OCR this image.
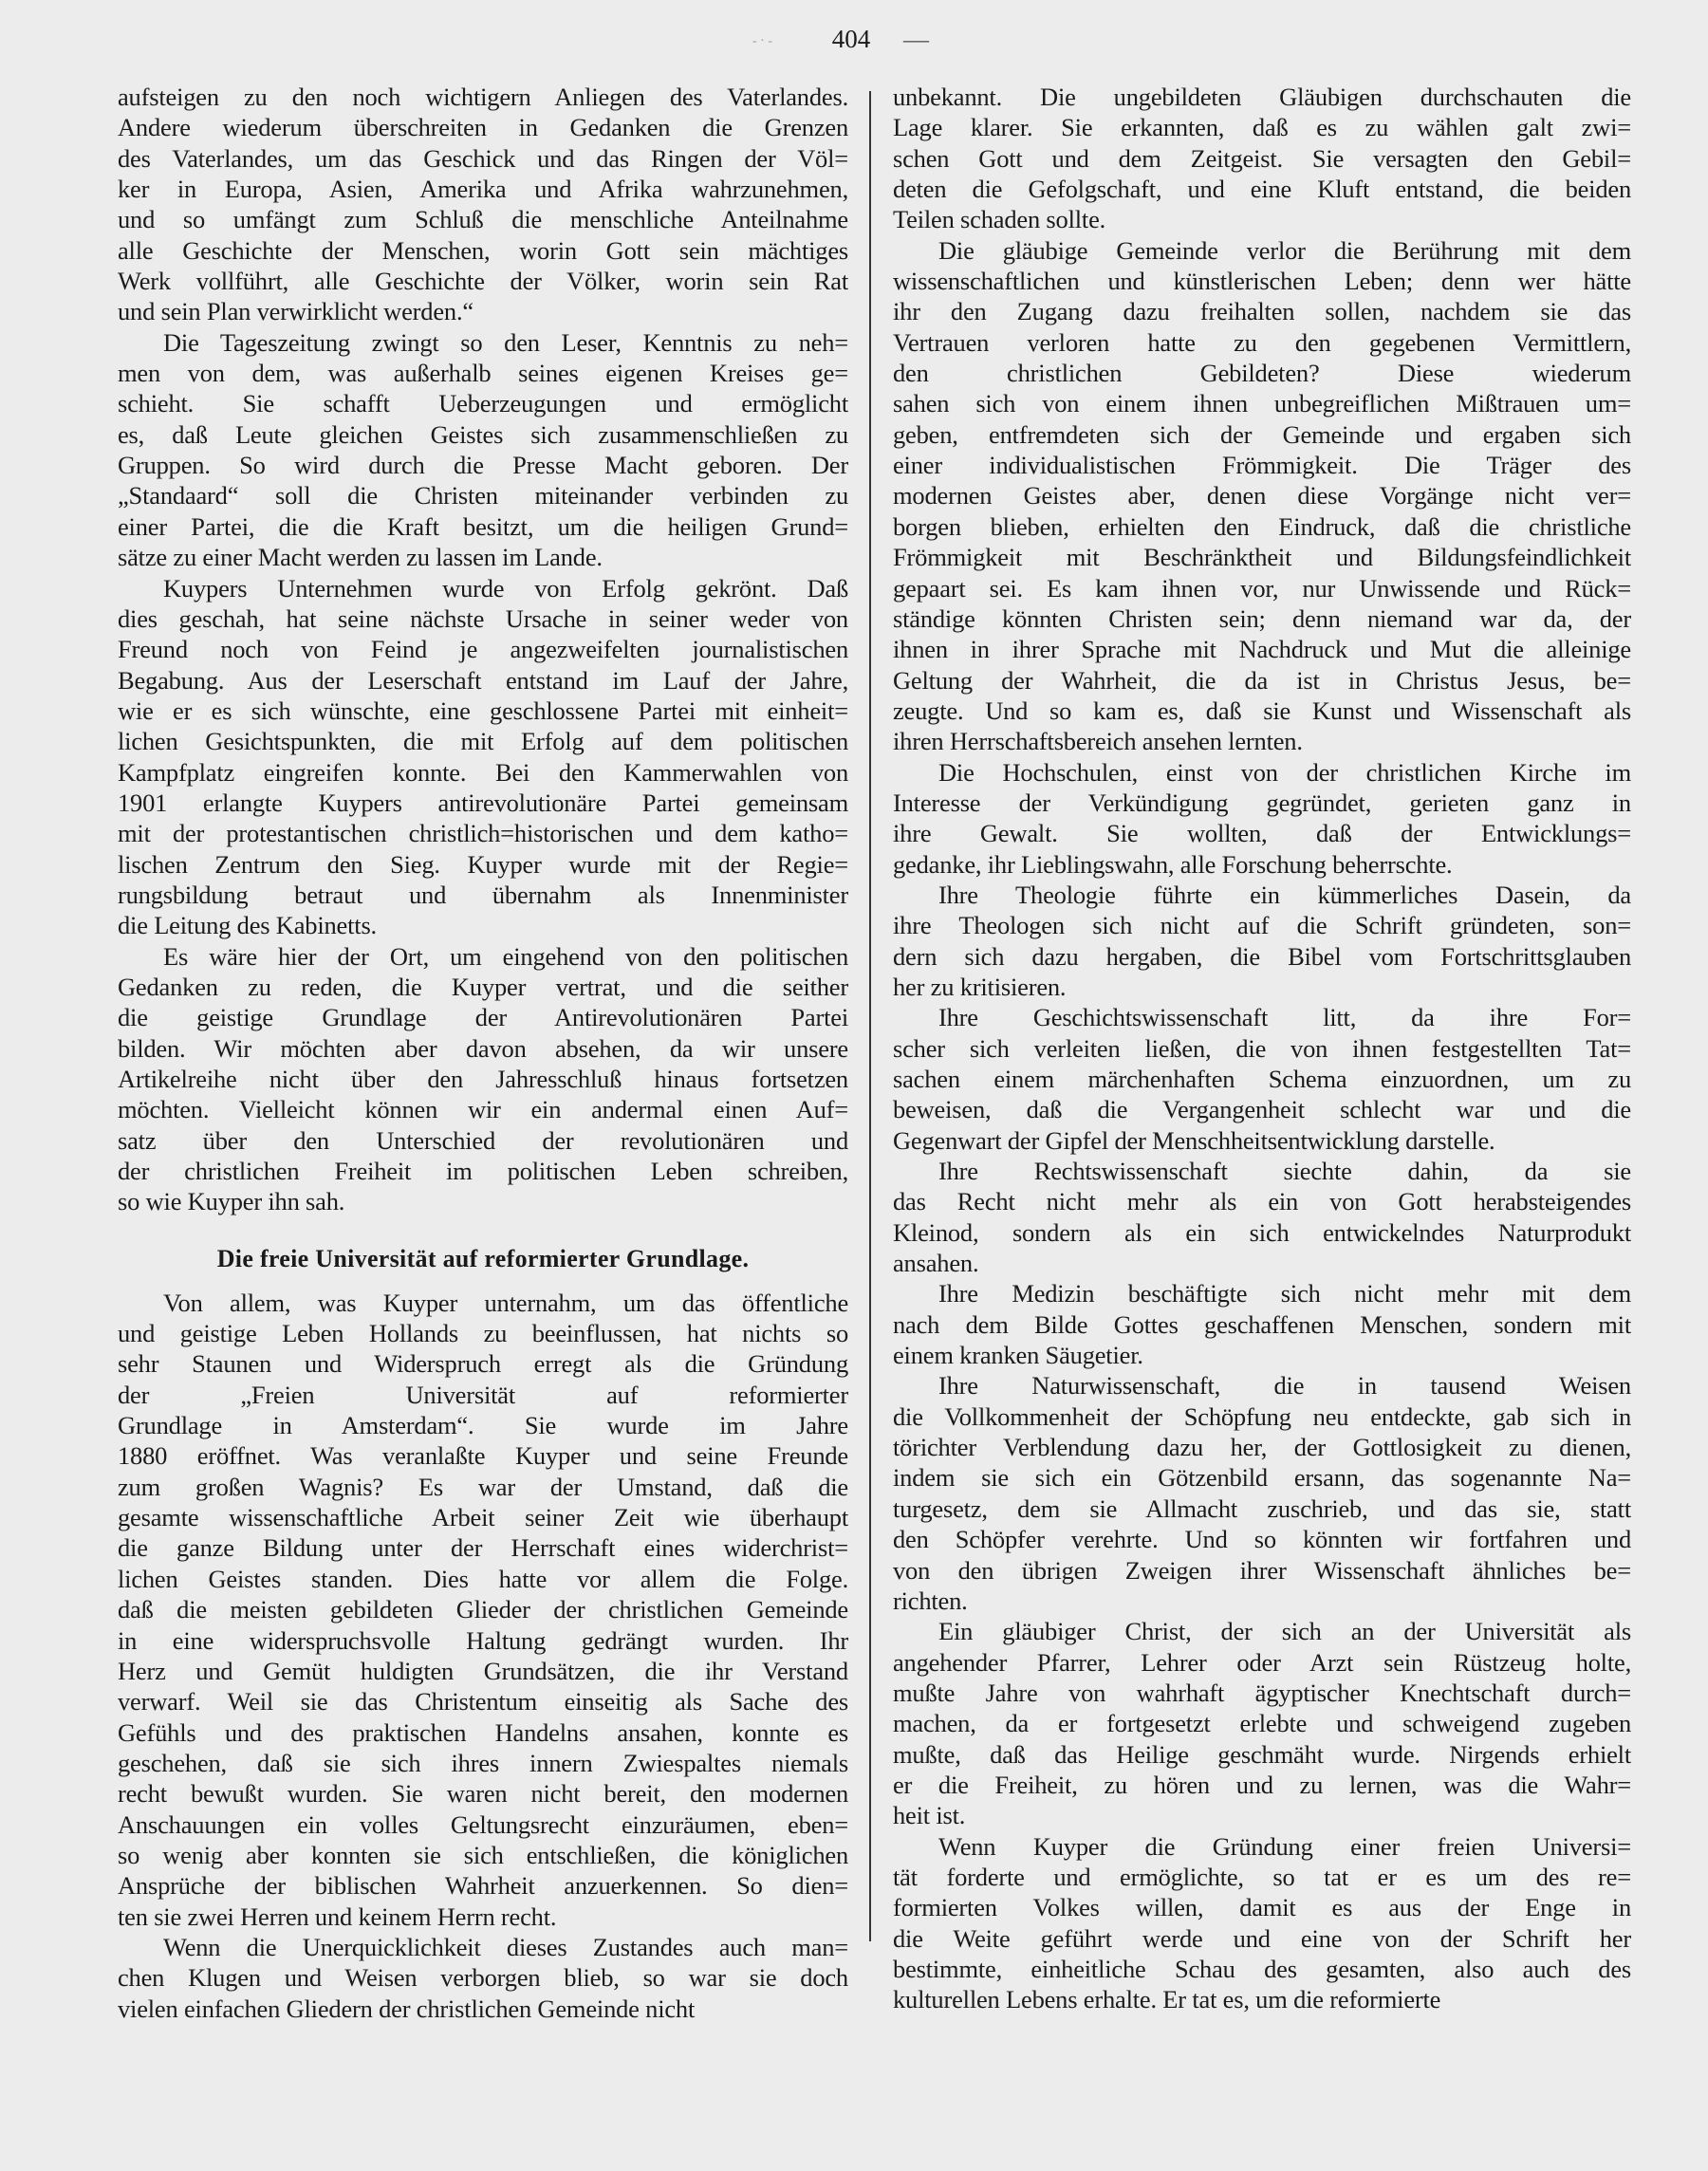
- · - 404 —
aufsteigen zu den noch wichtigern Anliegen des Vaterlandes.
Andere wiederum überschreiten in Gedanken die Grenzen
des Vaterlandes, um das Geschick und das Ringen der Völ=
ker in Europa, Asien, Amerika und Afrika wahrzunehmen,
und so umfängt zum Schluß die menschliche Anteilnahme
alle Geschichte der Menschen, worin Gott sein mächtiges
Werk vollführt, alle Geschichte der Völker, worin sein Rat
und sein Plan verwirklicht werden.“
Die Tageszeitung zwingt so den Leser, Kenntnis zu neh=
men von dem, was außerhalb seines eigenen Kreises ge=
schieht. Sie schafft Ueberzeugungen und ermöglicht
es, daß Leute gleichen Geistes sich zusammenschließen zu
Gruppen. So wird durch die Presse Macht geboren. Der
„Standaard“ soll die Christen miteinander verbinden zu
einer Partei, die die Kraft besitzt, um die heiligen Grund=
sätze zu einer Macht werden zu lassen im Lande.
Kuypers Unternehmen wurde von Erfolg gekrönt. Daß
dies geschah, hat seine nächste Ursache in seiner weder von
Freund noch von Feind je angezweifelten journalistischen
Begabung. Aus der Leserschaft entstand im Lauf der Jahre,
wie er es sich wünschte, eine geschlossene Partei mit einheit=
lichen Gesichtspunkten, die mit Erfolg auf dem politischen
Kampfplatz eingreifen konnte. Bei den Kammerwahlen von
1901 erlangte Kuypers antirevolutionäre Partei gemeinsam
mit der protestantischen christlich=historischen und dem katho=
lischen Zentrum den Sieg. Kuyper wurde mit der Regie=
rungsbildung betraut und übernahm als Innenminister
die Leitung des Kabinetts.
Es wäre hier der Ort, um eingehend von den politischen
Gedanken zu reden, die Kuyper vertrat, und die seither
die geistige Grundlage der Antirevolutionären Partei
bilden. Wir möchten aber davon absehen, da wir unsere
Artikelreihe nicht über den Jahresschluß hinaus fortsetzen
möchten. Vielleicht können wir ein andermal einen Auf=
satz über den Unterschied der revolutionären und
der christlichen Freiheit im politischen Leben schreiben,
so wie Kuyper ihn sah.
Die freie Universität auf reformierter Grundlage.
Von allem, was Kuyper unternahm, um das öffentliche
und geistige Leben Hollands zu beeinflussen, hat nichts so
sehr Staunen und Widerspruch erregt als die Gründung
der „Freien Universität auf reformierter
Grundlage in Amsterdam“. Sie wurde im Jahre
1880 eröffnet. Was veranlaßte Kuyper und seine Freunde
zum großen Wagnis? Es war der Umstand, daß die
gesamte wissenschaftliche Arbeit seiner Zeit wie überhaupt
die ganze Bildung unter der Herrschaft eines widerchrist=
lichen Geistes standen. Dies hatte vor allem die Folge.
daß die meisten gebildeten Glieder der christlichen Gemeinde
in eine widerspruchsvolle Haltung gedrängt wurden. Ihr
Herz und Gemüt huldigten Grundsätzen, die ihr Verstand
verwarf. Weil sie das Christentum einseitig als Sache des
Gefühls und des praktischen Handelns ansahen, konnte es
geschehen, daß sie sich ihres innern Zwiespaltes niemals
recht bewußt wurden. Sie waren nicht bereit, den modernen
Anschauungen ein volles Geltungsrecht einzuräumen, eben=
so wenig aber konnten sie sich entschließen, die königlichen
Ansprüche der biblischen Wahrheit anzuerkennen. So dien=
ten sie zwei Herren und keinem Herrn recht.
Wenn die Unerquicklichkeit dieses Zustandes auch man=
chen Klugen und Weisen verborgen blieb, so war sie doch
vielen einfachen Gliedern der christlichen Gemeinde nicht
unbekannt. Die ungebildeten Gläubigen durchschauten die
Lage klarer. Sie erkannten, daß es zu wählen galt zwi=
schen Gott und dem Zeitgeist. Sie versagten den Gebil=
deten die Gefolgschaft, und eine Kluft entstand, die beiden
Teilen schaden sollte.
Die gläubige Gemeinde verlor die Berührung mit dem
wissenschaftlichen und künstlerischen Leben; denn wer hätte
ihr den Zugang dazu freihalten sollen, nachdem sie das
Vertrauen verloren hatte zu den gegebenen Vermittlern,
den christlichen Gebildeten? Diese wiederum
sahen sich von einem ihnen unbegreiflichen Mißtrauen um=
geben, entfremdeten sich der Gemeinde und ergaben sich
einer individualistischen Frömmigkeit. Die Träger des
modernen Geistes aber, denen diese Vorgänge nicht ver=
borgen blieben, erhielten den Eindruck, daß die christliche
Frömmigkeit mit Beschränktheit und Bildungsfeindlichkeit
gepaart sei. Es kam ihnen vor, nur Unwissende und Rück=
ständige könnten Christen sein; denn niemand war da, der
ihnen in ihrer Sprache mit Nachdruck und Mut die alleinige
Geltung der Wahrheit, die da ist in Christus Jesus, be=
zeugte. Und so kam es, daß sie Kunst und Wissenschaft als
ihren Herrschaftsbereich ansehen lernten.
Die Hochschulen, einst von der christlichen Kirche im
Interesse der Verkündigung gegründet, gerieten ganz in
ihre Gewalt. Sie wollten, daß der Entwicklungs=
gedanke, ihr Lieblingswahn, alle Forschung beherrschte.
Ihre Theologie führte ein kümmerliches Dasein, da
ihre Theologen sich nicht auf die Schrift gründeten, son=
dern sich dazu hergaben, die Bibel vom Fortschrittsglauben
her zu kritisieren.
Ihre Geschichtswissenschaft litt, da ihre For=
scher sich verleiten ließen, die von ihnen festgestellten Tat=
sachen einem märchenhaften Schema einzuordnen, um zu
beweisen, daß die Vergangenheit schlecht war und die
Gegenwart der Gipfel der Menschheitsentwicklung darstelle.
Ihre Rechtswissenschaft siechte dahin, da sie
das Recht nicht mehr als ein von Gott herabsteigendes
Kleinod, sondern als ein sich entwickelndes Naturprodukt
ansahen.
Ihre Medizin beschäftigte sich nicht mehr mit dem
nach dem Bilde Gottes geschaffenen Menschen, sondern mit
einem kranken Säugetier.
Ihre Naturwissenschaft, die in tausend Weisen
die Vollkommenheit der Schöpfung neu entdeckte, gab sich in
törichter Verblendung dazu her, der Gottlosigkeit zu dienen,
indem sie sich ein Götzenbild ersann, das sogenannte Na=
turgesetz, dem sie Allmacht zuschrieb, und das sie, statt
den Schöpfer verehrte. Und so könnten wir fortfahren und
von den übrigen Zweigen ihrer Wissenschaft ähnliches be=
richten.
Ein gläubiger Christ, der sich an der Universität als
angehender Pfarrer, Lehrer oder Arzt sein Rüstzeug holte,
mußte Jahre von wahrhaft ägyptischer Knechtschaft durch=
machen, da er fortgesetzt erlebte und schweigend zugeben
mußte, daß das Heilige geschmäht wurde. Nirgends erhielt
er die Freiheit, zu hören und zu lernen, was die Wahr=
heit ist.
Wenn Kuyper die Gründung einer freien Universi=
tät forderte und ermöglichte, so tat er es um des re=
formierten Volkes willen, damit es aus der Enge in
die Weite geführt werde und eine von der Schrift her
bestimmte, einheitliche Schau des gesamten, also auch des
kulturellen Lebens erhalte. Er tat es, um die reformierte
